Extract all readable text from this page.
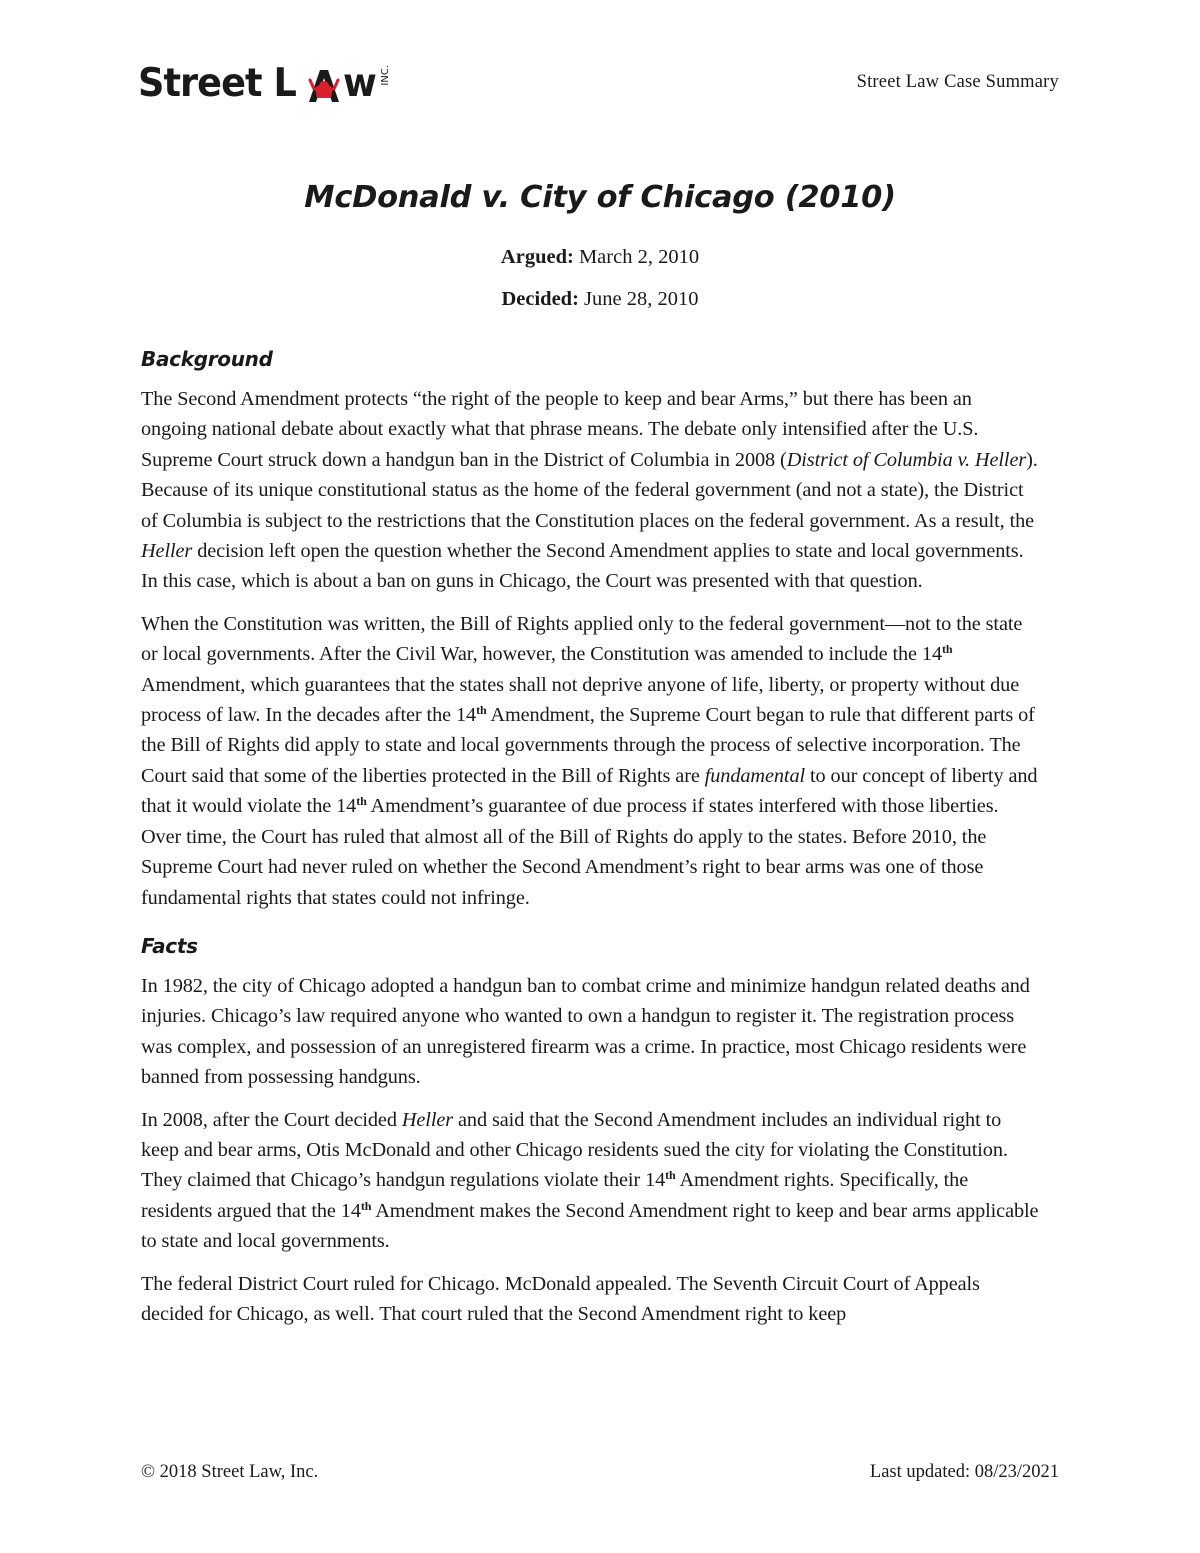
Street L w INC.	Street Law Case Summary
McDonald v. City of Chicago (2010)
Argued: March 2, 2010
Decided: June 28, 2010
Background

The Second Amendment protects “the right of the people to keep and bear Arms,” but there has been an ongoing national debate about exactly what that phrase means. The debate only intensified after the U.S. Supreme Court struck down a handgun ban in the District of Columbia in 2008 (District of Columbia v. Heller). Because of its unique constitutional status as the home of the federal government (and not a state), the District of Columbia is subject to the restrictions that the Constitution places on the federal government. As a result, the Heller decision left open the question whether the Second Amendment applies to state and local governments. In this case, which is about a ban on guns in Chicago, the Court was presented with that question.

When the Constitution was written, the Bill of Rights applied only to the federal government—not to the state or local governments. After the Civil War, however, the Constitution was amended to include the 14th Amendment, which guarantees that the states shall not deprive anyone of life, liberty, or property without due process of law. In the decades after the 14th Amendment, the Supreme Court began to rule that different parts of the Bill of Rights did apply to state and local governments through the process of selective incorporation. The Court said that some of the liberties protected in the Bill of Rights are fundamental to our concept of liberty and that it would violate the 14th Amendment’s guarantee of due process if states interfered with those liberties. Over time, the Court has ruled that almost all of the Bill of Rights do apply to the states. Before 2010, the Supreme Court had never ruled on whether the Second Amendment’s right to bear arms was one of those fundamental rights that states could not infringe.

Facts

In 1982, the city of Chicago adopted a handgun ban to combat crime and minimize handgun related deaths and injuries. Chicago’s law required anyone who wanted to own a handgun to register it. The registration process was complex, and possession of an unregistered firearm was a crime. In practice, most Chicago residents were banned from possessing handguns.

In 2008, after the Court decided Heller and said that the Second Amendment includes an individual right to keep and bear arms, Otis McDonald and other Chicago residents sued the city for violating the Constitution. They claimed that Chicago’s handgun regulations violate their 14th Amendment rights. Specifically, the residents argued that the 14th Amendment makes the Second Amendment right to keep and bear arms applicable to state and local governments.

The federal District Court ruled for Chicago. McDonald appealed. The Seventh Circuit Court of Appeals decided for Chicago, as well. That court ruled that the Second Amendment right to keep

© 2018 Street Law, Inc.	Last updated: 08/23/2021
